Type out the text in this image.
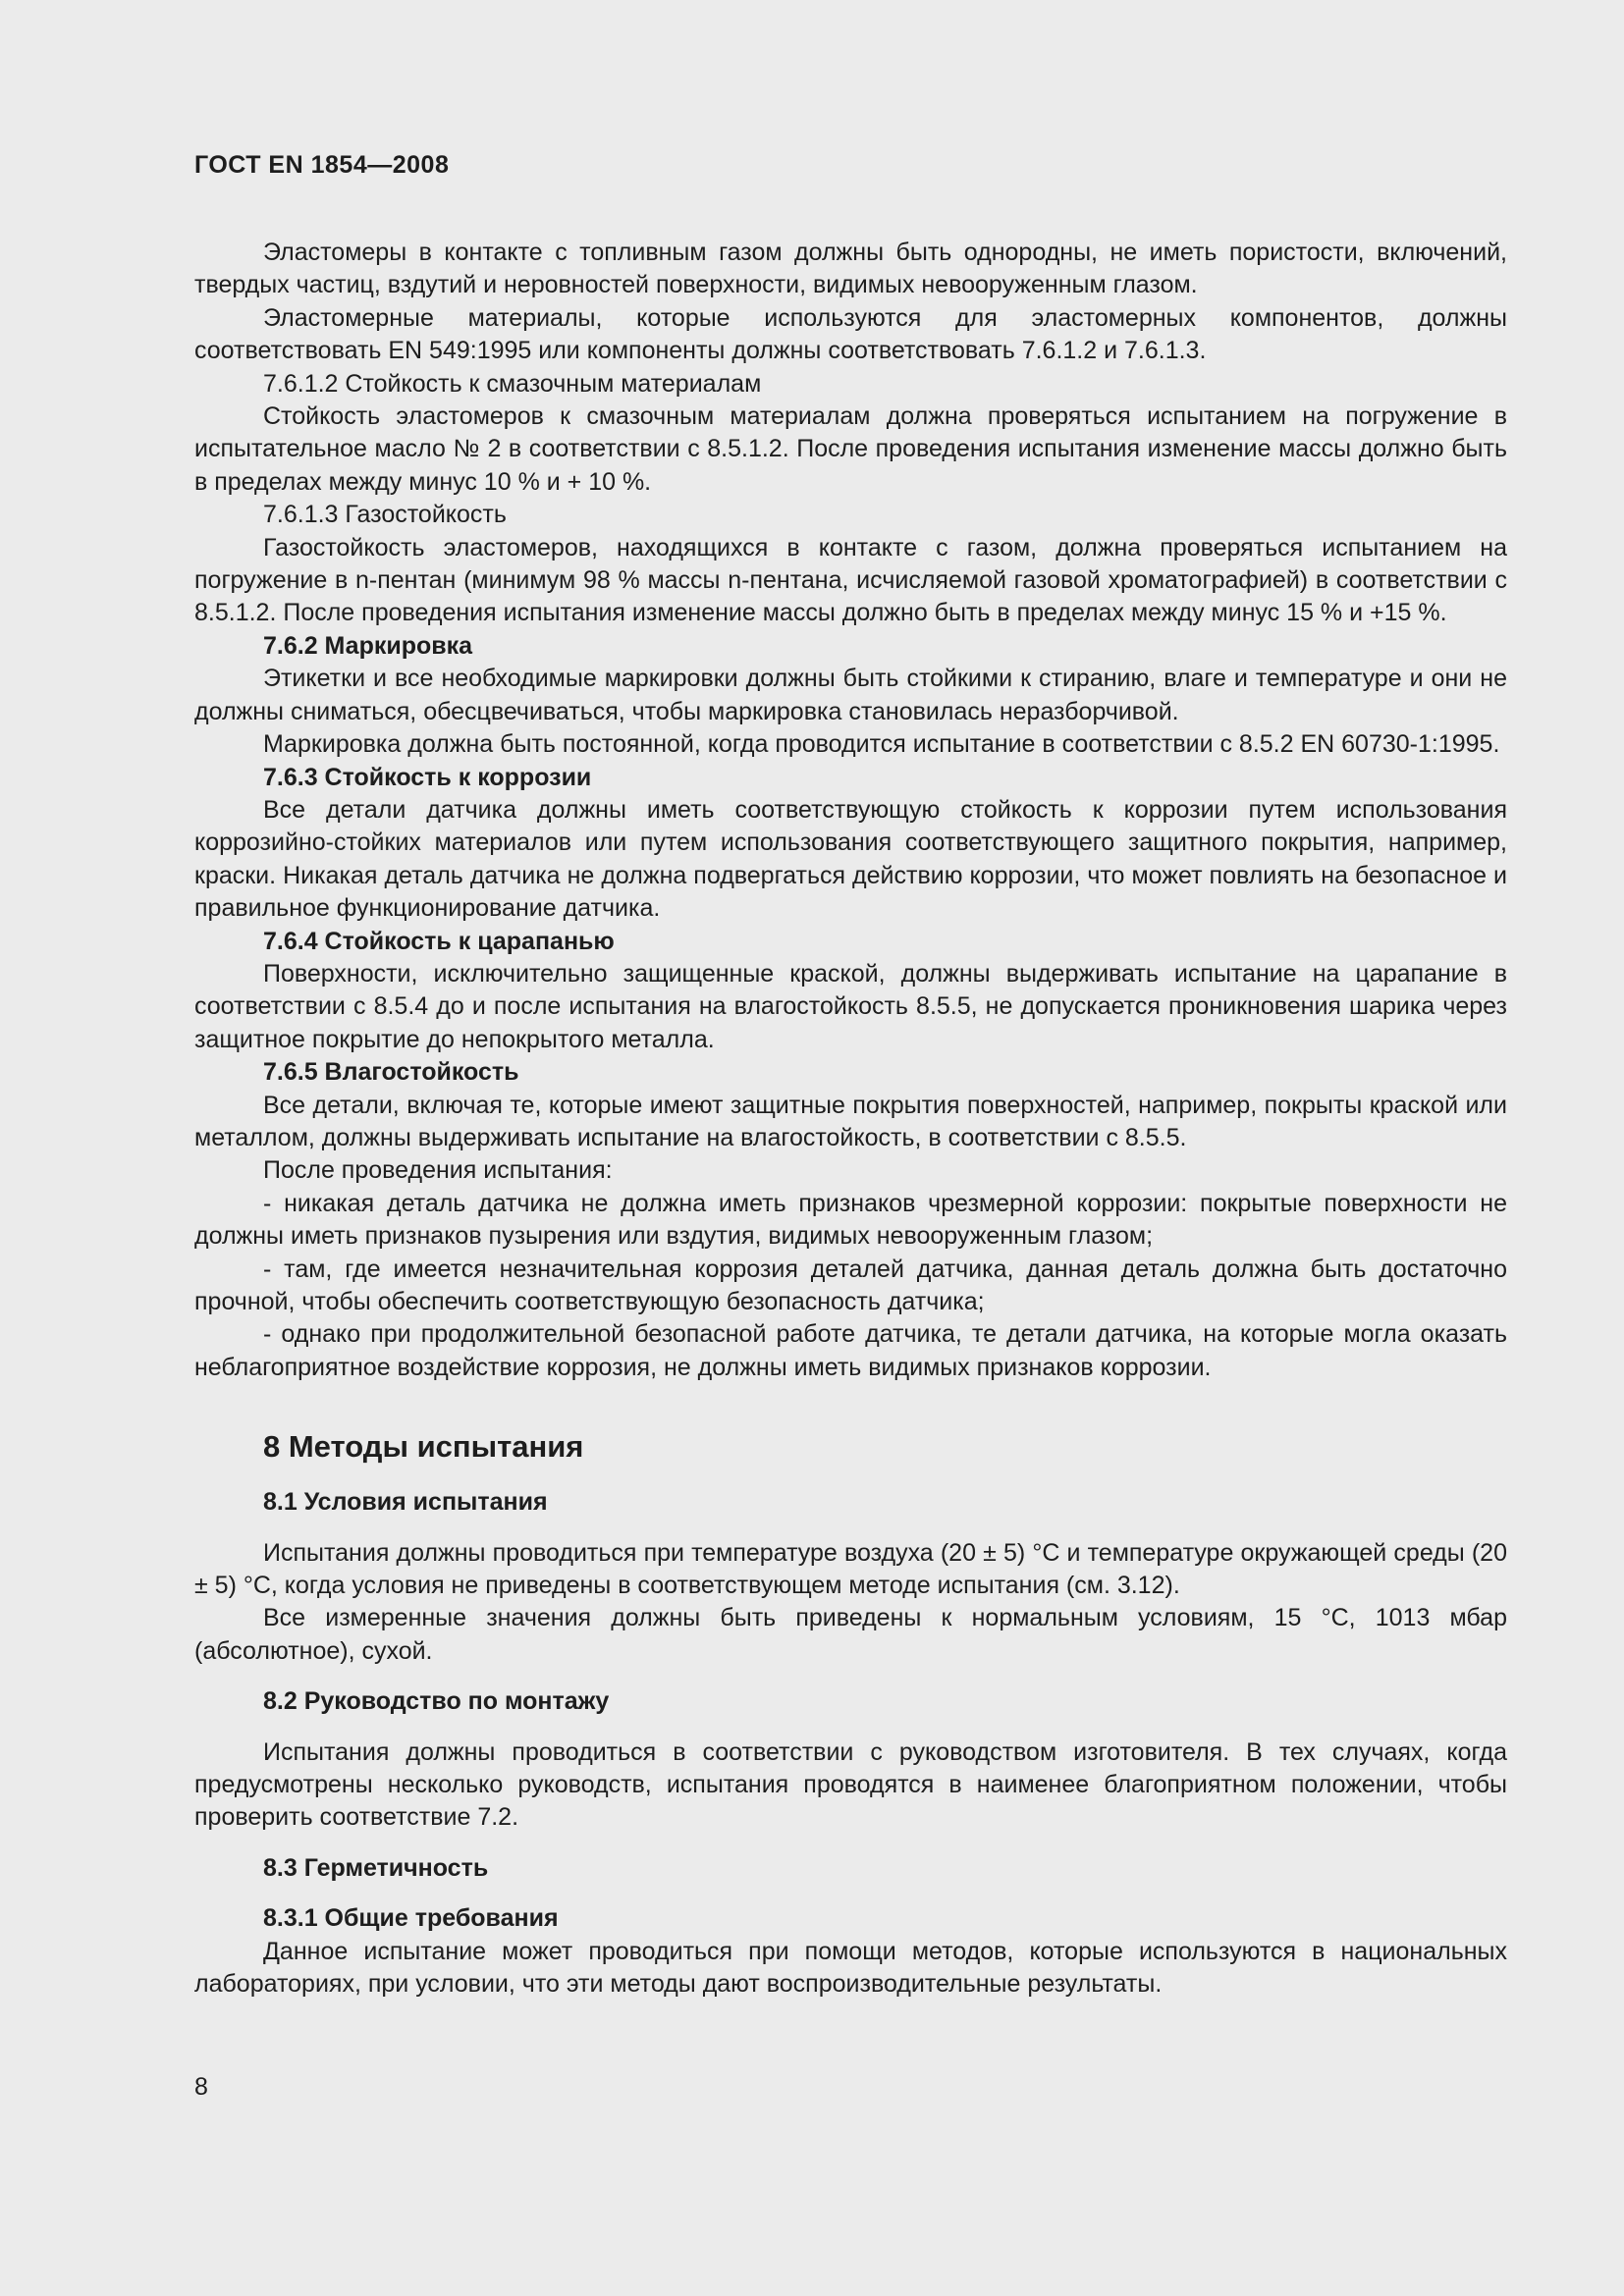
ГОСТ EN 1854—2008

Эластомеры в контакте с топливным газом должны быть однородны, не иметь пористости, включений, твердых частиц, вздутий и неровностей поверхности, видимых невооруженным глазом.

Эластомерные материалы, которые используются для эластомерных компонентов, должны соответствовать EN 549:1995 или компоненты должны соответствовать 7.6.1.2 и 7.6.1.3.

7.6.1.2 Стойкость к смазочным материалам

Стойкость эластомеров к смазочным материалам должна проверяться испытанием на погружение в испытательное масло № 2 в соответствии с 8.5.1.2. После проведения испытания изменение массы должно быть в пределах между минус 10 % и + 10 %.

7.6.1.3 Газостойкость

Газостойкость эластомеров, находящихся в контакте с газом, должна проверяться испытанием на погружение в n-пентан (минимум 98 % массы n-пентана, исчисляемой газовой хроматографией) в соответствии с 8.5.1.2. После проведения испытания изменение массы должно быть в пределах между минус 15 % и +15 %.

7.6.2 Маркировка

Этикетки и все необходимые маркировки должны быть стойкими к стиранию, влаге и температуре и они не должны сниматься, обесцвечиваться, чтобы маркировка становилась неразборчивой.

Маркировка должна быть постоянной, когда проводится испытание в соответствии с 8.5.2 EN 60730-1:1995.

7.6.3 Стойкость к коррозии

Все детали датчика должны иметь соответствующую стойкость к коррозии путем использования коррозийно-стойких материалов или путем использования соответствующего защитного покрытия, например, краски. Никакая деталь датчика не должна подвергаться действию коррозии, что может повлиять на безопасное и правильное функционирование датчика.

7.6.4 Стойкость к царапанью

Поверхности, исключительно защищенные краской, должны выдерживать испытание на царапание в соответствии с 8.5.4 до и после испытания на влагостойкость 8.5.5, не допускается проникновения шарика через защитное покрытие до непокрытого металла.

7.6.5 Влагостойкость

Все детали, включая те, которые имеют защитные покрытия поверхностей, например, покрыты краской или металлом, должны выдерживать испытание на влагостойкость, в соответствии с 8.5.5.

После проведения испытания:

- никакая деталь датчика не должна иметь признаков чрезмерной коррозии: покрытые поверхности не должны иметь признаков пузырения или вздутия, видимых невооруженным глазом;

- там, где имеется незначительная коррозия деталей датчика, данная деталь должна быть достаточно прочной, чтобы обеспечить соответствующую безопасность датчика;

- однако при продолжительной безопасной работе датчика, те детали датчика, на которые могла оказать неблагоприятное воздействие коррозия, не должны иметь видимых признаков коррозии.

8 Методы испытания

8.1 Условия испытания

Испытания должны проводиться при температуре воздуха (20 ± 5) °С и температуре окружающей среды (20 ± 5) °С, когда условия не приведены в соответствующем методе испытания (см. 3.12).

Все измеренные значения должны быть приведены к нормальным условиям, 15 °С, 1013 мбар (абсолютное), сухой.

8.2 Руководство по монтажу

Испытания должны проводиться в соответствии с руководством изготовителя. В тех случаях, когда предусмотрены несколько руководств, испытания проводятся в наименее благоприятном положении, чтобы проверить соответствие 7.2.

8.3 Герметичность

8.3.1 Общие требования

Данное испытание может проводиться при помощи методов, которые используются в национальных лабораториях, при условии, что эти методы дают воспроизводительные результаты.

8
